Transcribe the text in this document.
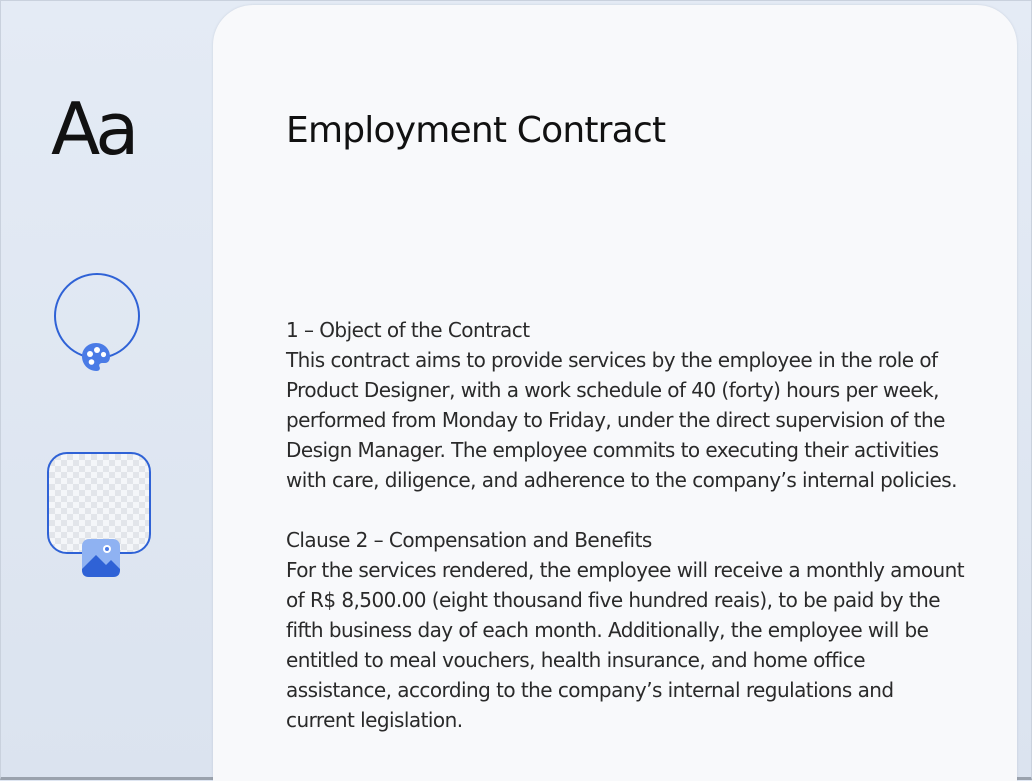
Aa	Employment Contract
1 – Object of the Contract
This contract aims to provide services by the employee in the role of Product Designer, with a work schedule of 40 (forty) hours per week, performed from Monday to Friday, under the direct supervision of the Design Manager. The employee commits to executing their activities with care, diligence, and adherence to the company’s internal policies.
Clause 2 – Compensation and Benefits
For the services rendered, the employee will receive a monthly amount of R$ 8,500.00 (eight thousand five hundred reais), to be paid by the fifth business day of each month. Additionally, the employee will be entitled to meal vouchers, health insurance, and home office assistance, according to the company’s internal regulations and current legislation.
